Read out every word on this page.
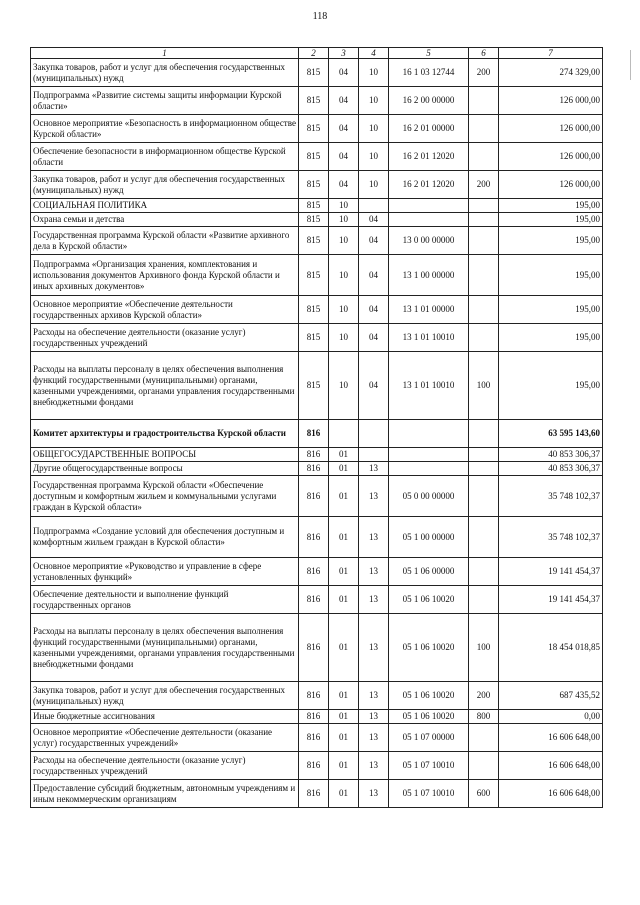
118
1	2	3	4	5	6	7
Закупка товаров, работ и услуг для обеспечения государственных (муниципальных) нужд	815	04	10	16 1 03 12744	200	274 329,00
Подпрограмма «Развитие системы защиты информации Курской области»	815	04	10	16 2 00 00000		126 000,00
Основное мероприятие «Безопасность в информационном обществе Курской области»	815	04	10	16 2 01 00000		126 000,00
Обеспечение безопасности в информационном обществе Курской области	815	04	10	16 2 01 12020		126 000,00
Закупка товаров, работ и услуг для обеспечения государственных (муниципальных) нужд	815	04	10	16 2 01 12020	200	126 000,00
СОЦИАЛЬНАЯ ПОЛИТИКА	815	10				195,00
Охрана семьи и детства	815	10	04			195,00
Государственная программа Курской области «Развитие архивного дела в Курской области»	815	10	04	13 0 00 00000		195,00
Подпрограмма «Организация хранения, комплектования и использования документов Архивного фонда Курской области и иных архивных документов»	815	10	04	13 1 00 00000		195,00
Основное мероприятие «Обеспечение деятельности государственных архивов Курской области»	815	10	04	13 1 01 00000		195,00
Расходы на обеспечение деятельности (оказание услуг) государственных учреждений	815	10	04	13 1 01 10010		195,00
Расходы на выплаты персоналу в целях обеспечения выполнения функций государственными (муниципальными) органами, казенными учреждениями, органами управления государственными внебюджетными фондами	815	10	04	13 1 01 10010	100	195,00
Комитет архитектуры и градостроительства Курской области	816					63 595 143,60
ОБЩЕГОСУДАРСТВЕННЫЕ ВОПРОСЫ	816	01				40 853 306,37
Другие общегосударственные вопросы	816	01	13			40 853 306,37
Государственная программа Курской области «Обеспечение доступным и комфортным жильем и коммунальными услугами граждан в Курской области»	816	01	13	05 0 00 00000		35 748 102,37
Подпрограмма «Создание условий для обеспечения доступным и комфортным жильем граждан в Курской области»	816	01	13	05 1 00 00000		35 748 102,37
Основное мероприятие «Руководство и управление в сфере установленных функций»	816	01	13	05 1 06 00000		19 141 454,37
Обеспечение деятельности и выполнение функций государственных органов	816	01	13	05 1 06 10020		19 141 454,37
Расходы на выплаты персоналу в целях обеспечения выполнения функций государственными (муниципальными) органами, казенными учреждениями, органами управления государственными внебюджетными фондами	816	01	13	05 1 06 10020	100	18 454 018,85
Закупка товаров, работ и услуг для обеспечения государственных (муниципальных) нужд	816	01	13	05 1 06 10020	200	687 435,52
Иные бюджетные ассигнования	816	01	13	05 1 06 10020	800	0,00
Основное мероприятие «Обеспечение деятельности (оказание услуг) государственных учреждений»	816	01	13	05 1 07 00000		16 606 648,00
Расходы на обеспечение деятельности (оказание услуг) государственных учреждений	816	01	13	05 1 07 10010		16 606 648,00
Предоставление субсидий бюджетным, автономным учреждениям и иным некоммерческим организациям	816	01	13	05 1 07 10010	600	16 606 648,00
